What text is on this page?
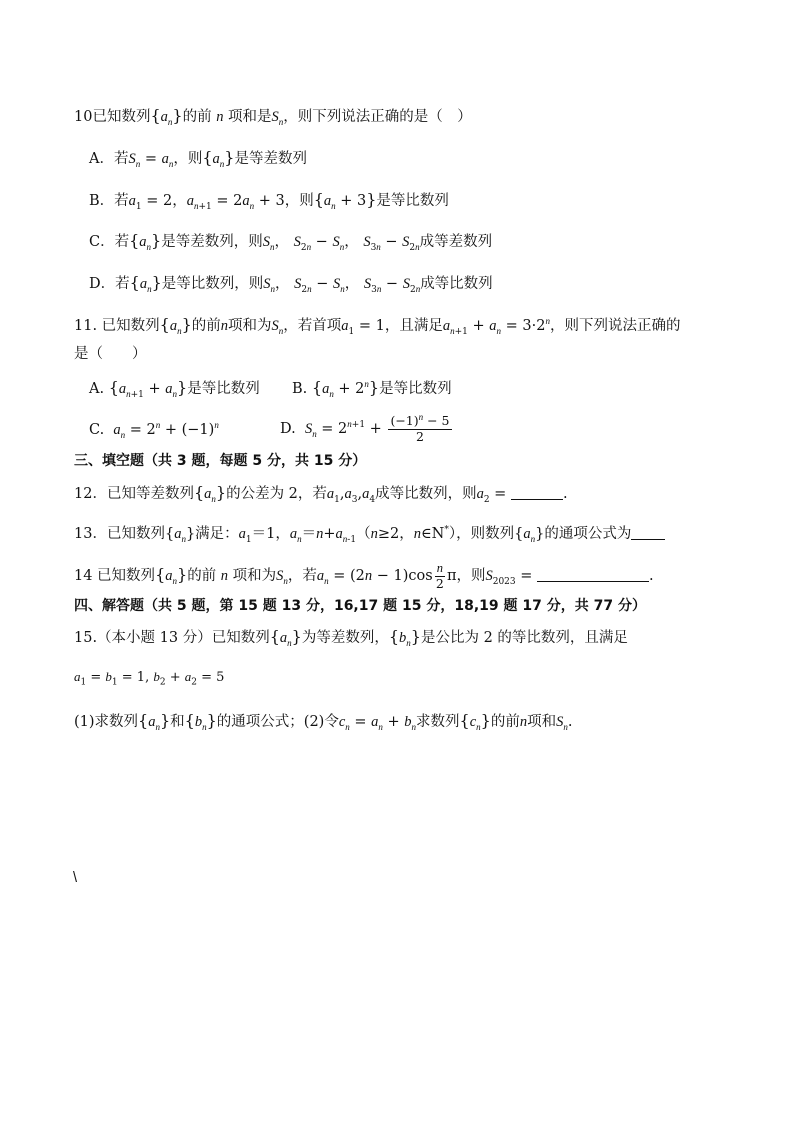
10已知数列$\{a_n\}$的前 n 项和是$S_n$，则下列说法正确的是（　）
A．若$S_n = a_n$，则$\{a_n\}$是等差数列
B．若$a_1 = 2$，$a_{n+1} = 2a_n + 3$，则$\{a_n + 3\}$是等比数列
C．若$\{a_n\}$是等差数列，则$S_n$， $S_{2n} - S_n$， $S_{3n} - S_{2n}$成等差数列
D．若$\{a_n\}$是等比数列，则$S_n$， $S_{2n} - S_n$， $S_{3n} - S_{2n}$成等比数列
11. 已知数列$\{a_n\}$的前n项和为$S_n$，若首项$a_1 = 1$，且满足$a_{n+1} + a_n = 3\cdot 2^n$，则下列说法正确的
是（　　）
A. $\{a_{n+1} + a_n\}$是等比数列 B. $\{a_n + 2^n\}$是等比数列
C.  $a_n = 2^n + (-1)^n$	D. $S_n = 2^{n+1} + \frac{(-1)^n - 5}{2}$
三、填空题（共 3 题，每题 5 分，共 15 分）
12．已知等差数列$\{a_n\}$的公差为 2，若$a_1,a_3,a_4$成等比数列，则$a_2$ =	.
13．已知数列$\{a_n\}$满足：$a_1=1$，$a_n=n+a_{n-1}(n\ge 2$，n∈N*），则数列$\{a_n\}$的通项公式为
14 已知数列$\{a_n\}$的前 n 项和为$S_n$，若$a_n = (2n - 1)\cos \frac{n}{2}$ π，则$S_{2023}$ =	.
四、解答题（共 5 题，第 15 题 13 分，16,17 题 15 分，18,19 题 17 分，共 77 分）
15.（本小题 13 分）已知数列$\{a_n\}$为等差数列，$\{b_n\}$是公比为 2 的等比数列，且满足
$a_1 = b_1 = 1$, $b_2 + a_2 = 5$
(1)求数列$\{a_n\}$和$\{b_n\}$的通项公式；(2)令$c_n = a_n + b_n$求数列$\{c_n\}$的前n项和$S_n$.
\
